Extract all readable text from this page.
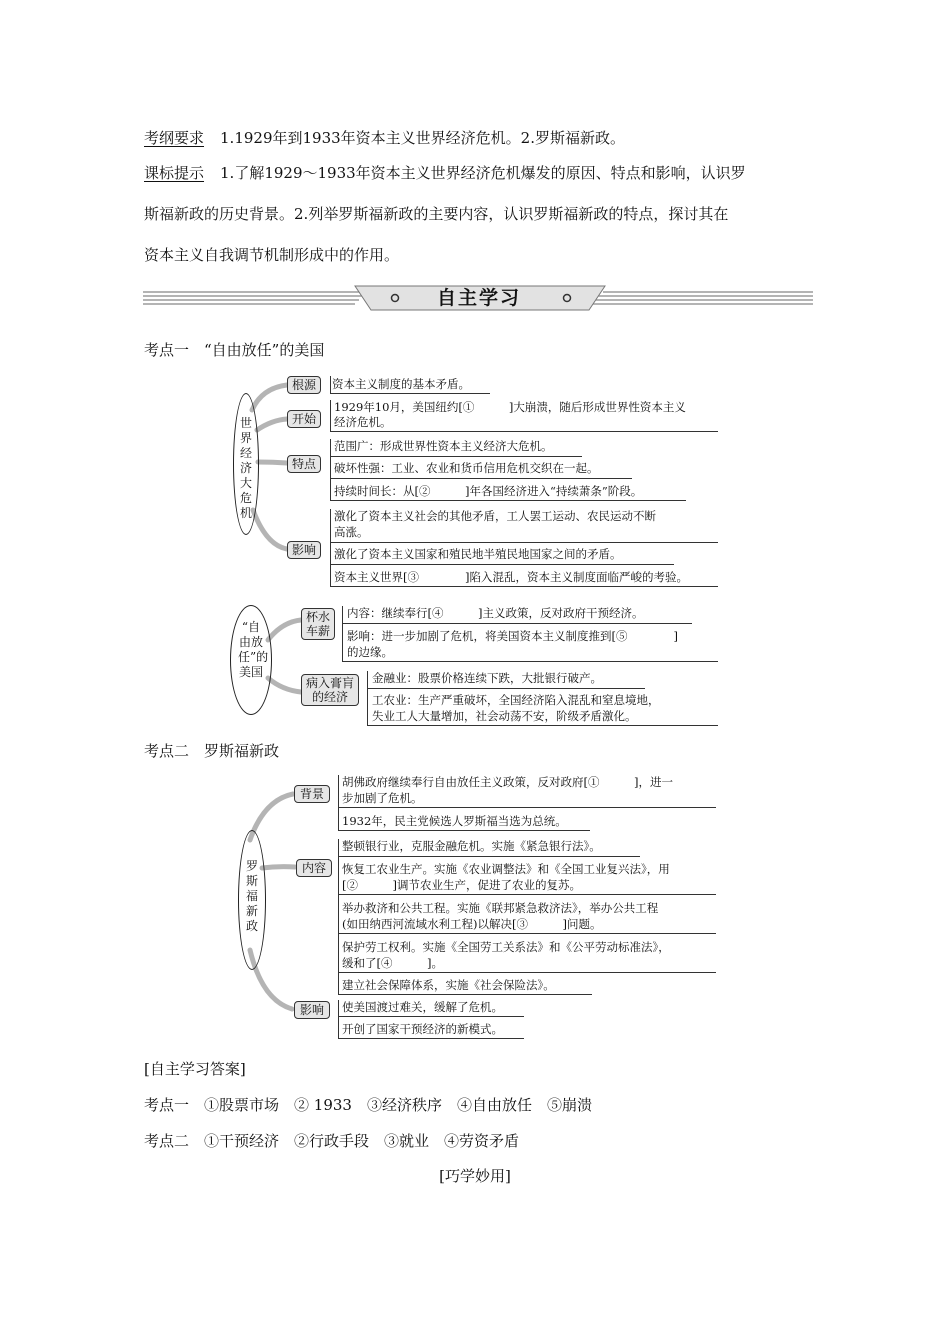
考纲要求 1.1929年到1933年资本主义世界经济危机。2.罗斯福新政。
课标提示 1.了解1929～1933年资本主义世界经济危机爆发的原因、特点和影响，认识罗
斯福新政的历史背景。2.列举罗斯福新政的主要内容，认识罗斯福新政的特点，探讨其在
资本主义自我调节机制形成中的作用。
自主学习
考点一　“自由放任”的美国
世界经济大危机
根源	资本主义制度的基本矛盾。
开始
1929年10月，美国纽约[①　　　]大崩溃，随后形成世界性资本主义
经济危机。
特点
范围广：形成世界性资本主义经济大危机。
破坏性强：工业、农业和货币信用危机交织在一起。
持续时间长：从[②　　　]年各国经济进入“持续萧条”阶段。
影响
激化了资本主义社会的其他矛盾，工人罢工运动、农民运动不断
高涨。
激化了资本主义国家和殖民地半殖民地国家之间的矛盾。
资本主义世界[③　　　　]陷入混乱，资本主义制度面临严峻的考验。
“自由放任”的美国
杯水车薪
内容：继续奉行[④　　　]主义政策，反对政府干预经济。
影响：进一步加剧了危机，将美国资本主义制度推到[⑤　　　　]
的边缘。
病入膏肓的经济
金融业：股票价格连续下跌，大批银行破产。
工农业：生产严重破坏，全国经济陷入混乱和窒息境地，
失业工人大量增加，社会动荡不安，阶级矛盾激化。
考点二　罗斯福新政
罗斯福新政
背景
胡佛政府继续奉行自由放任主义政策，反对政府[①　　　]，进一
步加剧了危机。
1932年，民主党候选人罗斯福当选为总统。
内容
整顿银行业，克服金融危机。实施《紧急银行法》。
恢复工农业生产。实施《农业调整法》和《全国工业复兴法》，用
[②　　　]调节农业生产，促进了农业的复苏。
举办救济和公共工程。实施《联邦紧急救济法》，举办公共工程
(如田纳西河流域水利工程)以解决[③　　　]问题。
保护劳工权利。实施《全国劳工关系法》和《公平劳动标准法》，
缓和了[④　　　]。
建立社会保障体系，实施《社会保险法》。
影响	使美国渡过难关，缓解了危机。
开创了国家干预经济的新模式。
[自主学习答案]
考点一　①股票市场　② 1933　③经济秩序　④自由放任　⑤崩溃
考点二　①干预经济　②行政手段　③就业　④劳资矛盾
[巧学妙用]
